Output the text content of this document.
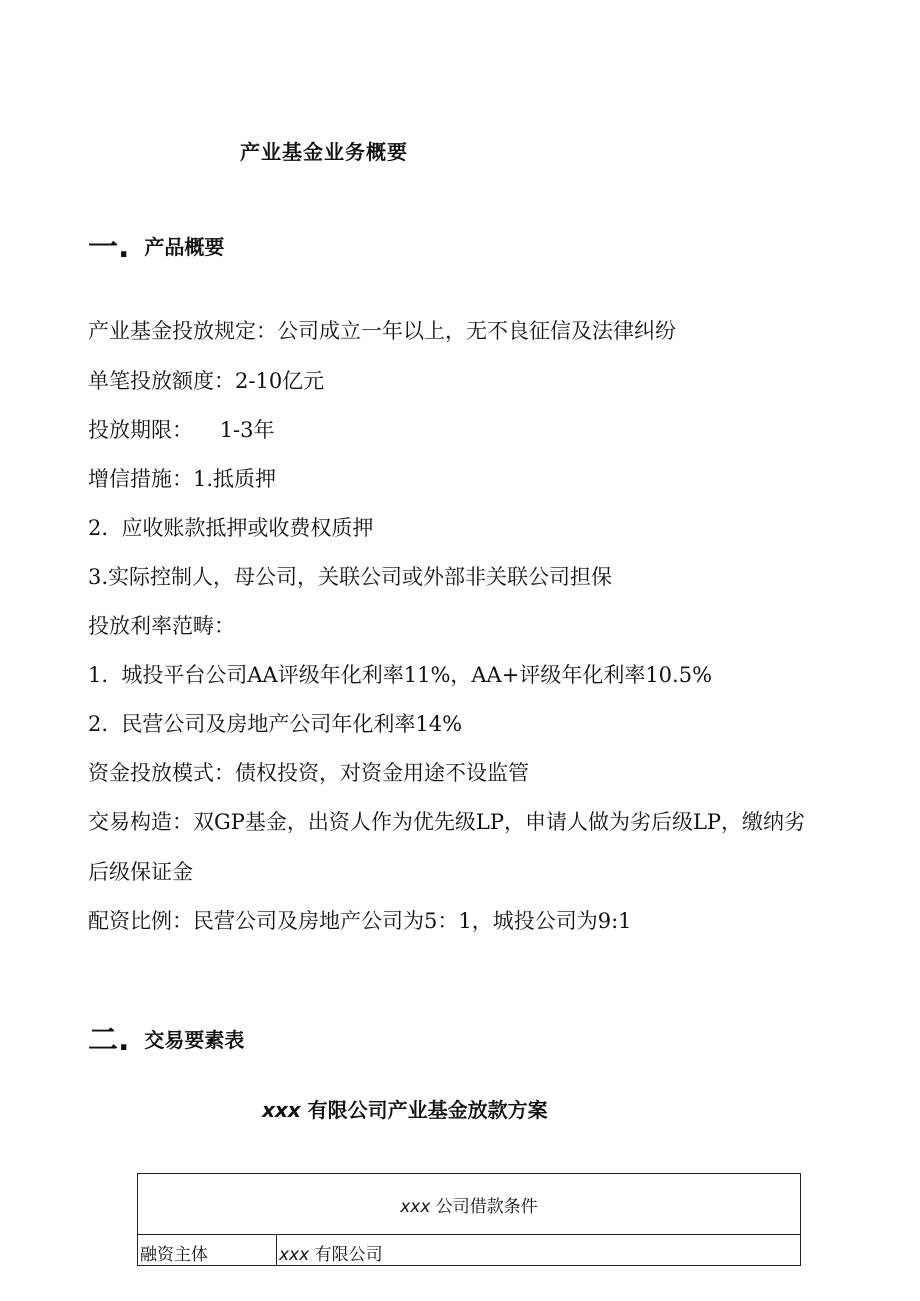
产业基金业务概要
一. 产品概要
产业基金投放规定：公司成立一年以上，无不良征信及法律纠纷
单笔投放额度：2-10亿元
投放期限：    1-3年
增信措施：1.抵质押
2.  应收账款抵押或收费权质押
3.实际控制人，母公司，关联公司或外部非关联公司担保
投放利率范畴：
1.  城投平台公司AA评级年化利率11%，AA+评级年化利率10.5%
2.  民营公司及房地产公司年化利率14%
资金投放模式：债权投资，对资金用途不设监管
交易构造：双GP基金，出资人作为优先级LP，申请人做为劣后级LP，缴纳劣
后级保证金
配资比例：民营公司及房地产公司为5：1，城投公司为9:1
二. 交易要素表
xxx 有限公司产业基金放款方案
xxx 公司借款条件
融资主体	xxx 有限公司
